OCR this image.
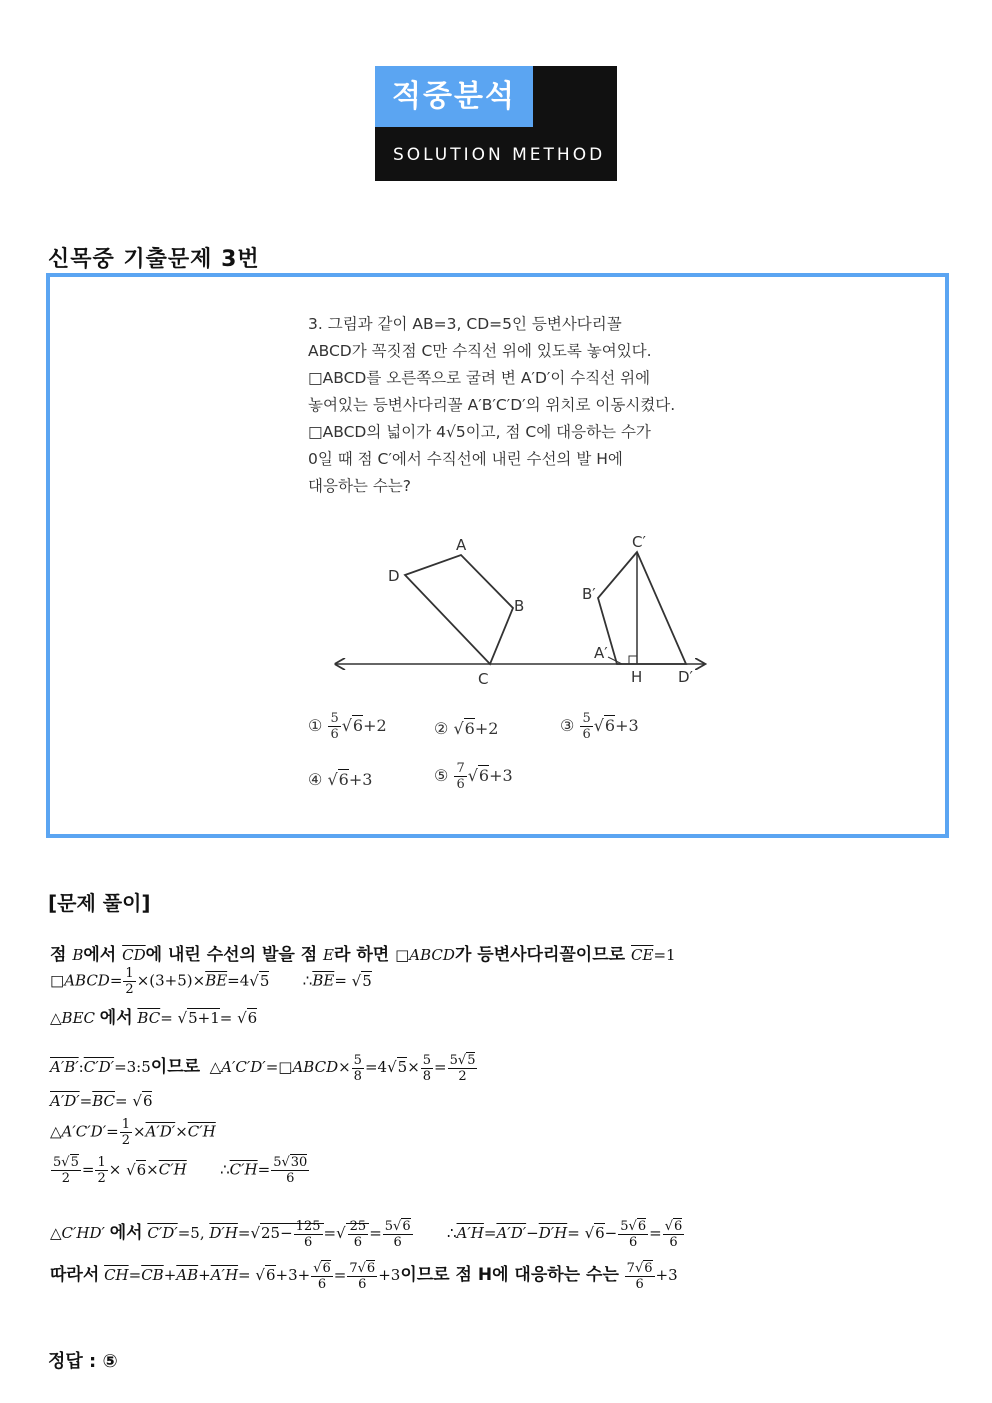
적중분석
SOLUTION METHOD
신목중 기출문제 3번
3. 그림과 같이 AB=3, CD=5인 등변사다리꼴
ABCD가 꼭짓점 C만 수직선 위에 있도록 놓여있다.
□ABCD를 오른쪽으로 굴려 변 A′D′이 수직선 위에
놓여있는 등변사다리꼴 A′B′C′D′의 위치로 이동시켰다.
□ABCD의 넓이가 4√5이고, 점 C에 대응하는 수가
0일 때 점 C′에서 수직선에 내린 수선의 발 H에
대응하는 수는?
D
A
B
C
B′
C′
A′
H D′
① $\frac{5}{6}$ √ 6+2	② √ 6+2	③ $\frac{5}{6}$ √ 6+3
④ √ 6+3	⑤ $\frac{7}{6}$ √ 6+3
[문제 풀이]
점 B에서 $\overline{CD}$에 내린 수선의 발을 점 E라 하면 □ABCD가 등변사다리꼴이므로 $\overline{CE}=1$
□ABCD= $\frac{1}{2} \times(3+5)\times\overline{BE}=4$ √ 5       $\therefore\overline{BE}=$ √ 5
△BEC 에서 $\overline{BC}=$ √ 5+1= √ 6
A′B′:C′D′=3:5이므로  △A′C′D′=□ABCD× $\frac{5}{8} =4$ √ $5\times \frac{5}{8} = \frac{5 √ 5}{2}$
$A'D'=\overline{BC}=$ √ 6
△A′C′D′= $\frac{1}{2} \times A'D'\times C'H$
$\frac{5 √ 5}{2} = \frac{1}{2}$ × √ 6×C′H       ∴C′H= $\frac{5 √ 30}{6}$
△C′HD′ 에서 C′D′=5, D′H= √ $25- \frac{125}{6}$ = √ $\frac{25}{6} = \frac{5 √ 6}{6}$ ∴A′H=A′D′−D′H= √ $6- \frac{5 √ 6}{6}$ = √ $\frac{6}{6}$
따라서 $\overline{CH}=\overline{CB}+\overline{AB}+A'H=$ √ 6+3+ √ $\frac{6}{6} = \frac{7 √ 6}{6} +3$이므로 점 H에 대응하는 수는 $\frac{7 √ 6}{6} +3$
정답 : ⑤
